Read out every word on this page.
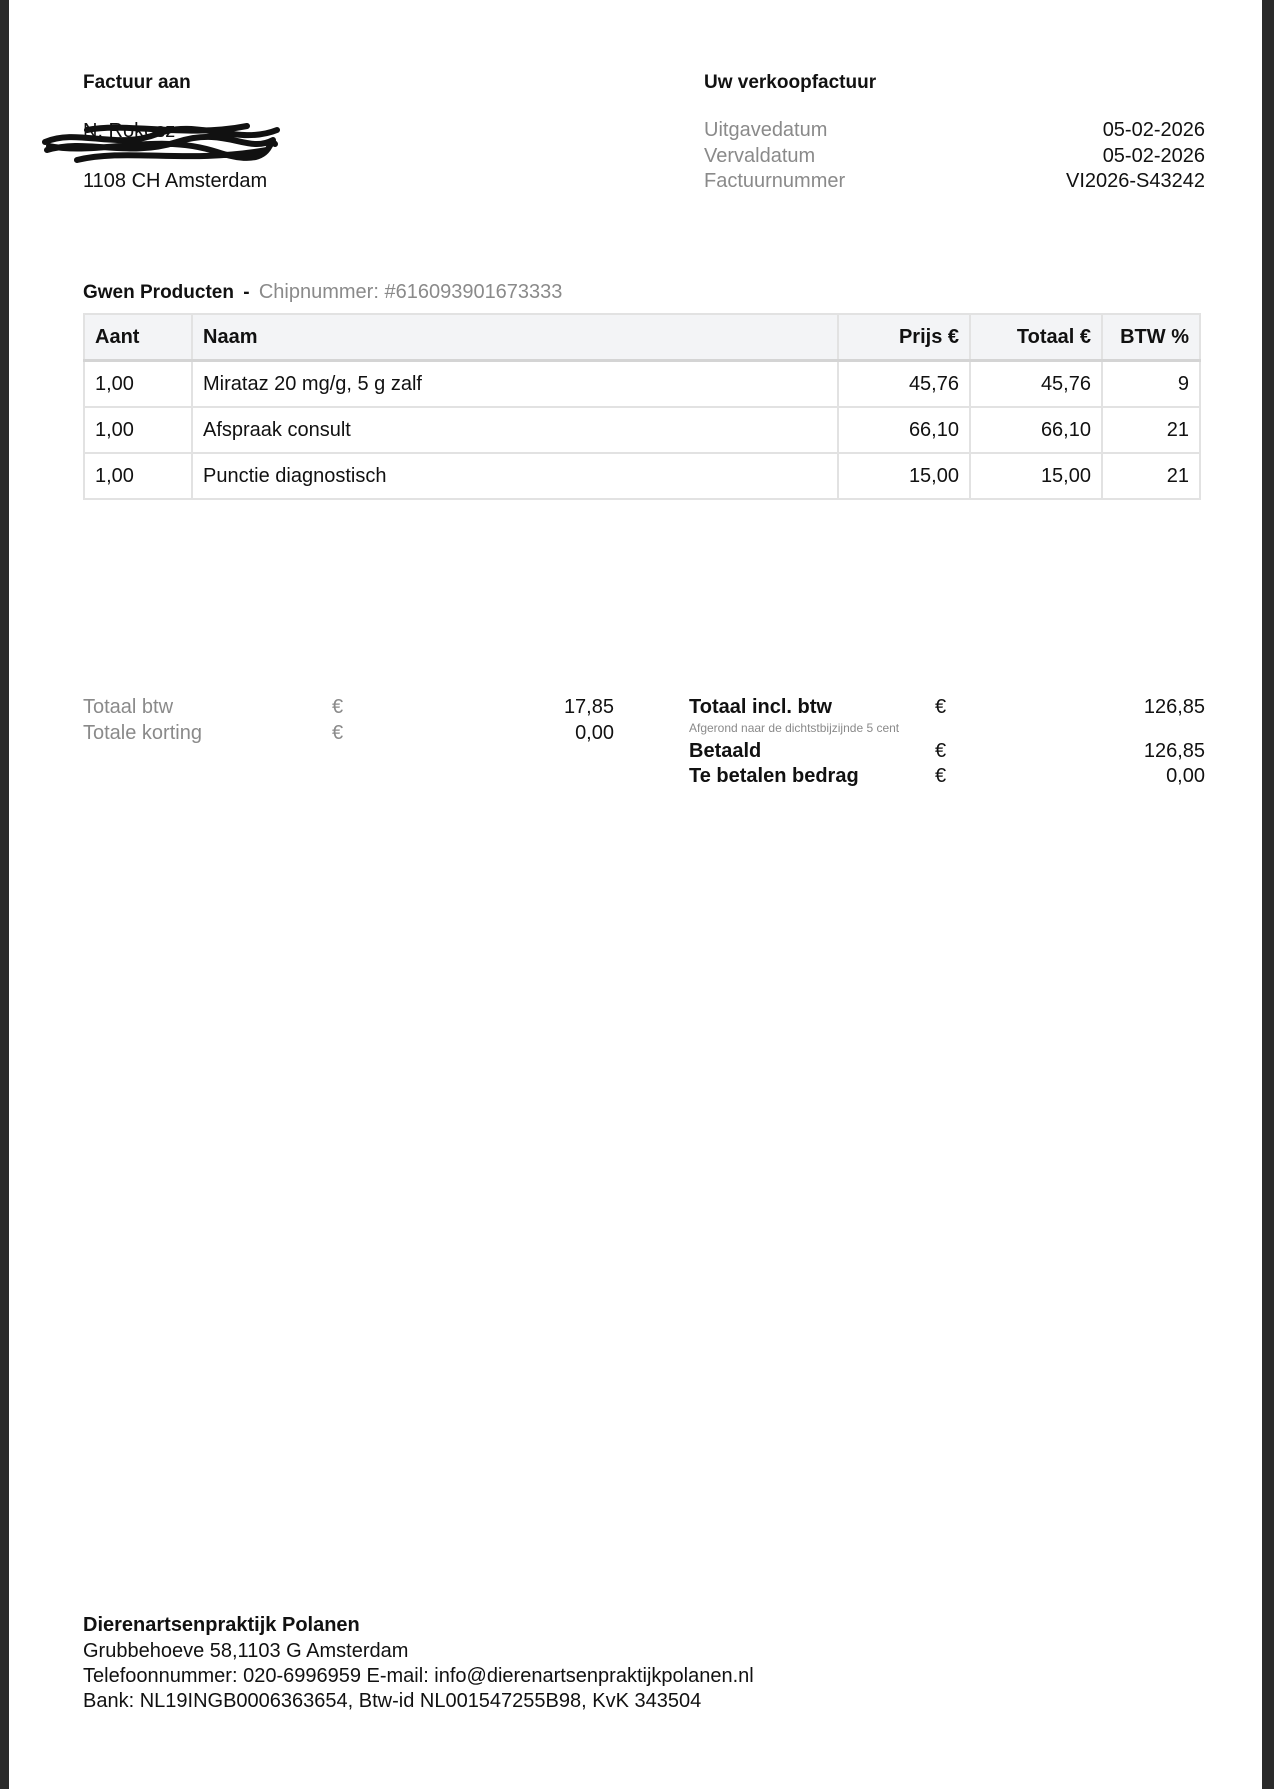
Factuur aan
N. Rokosz
1108 CH Amsterdam
Uw verkoopfactuur
Uitgavedatum	05-02-2026
Vervaldatum	05-02-2026
Factuurnummer	VI2026-S43242
Gwen Producten - Chipnummer: #616093901673333
Aant	Naam	Prijs €	Totaal €	BTW %
1,00	Mirataz 20 mg/g, 5 g zalf	45,76	45,76	9
1,00	Afspraak consult	66,10	66,10	21
1,00	Punctie diagnostisch	15,00	15,00	21
Totaal btw	€	17,85
Totale korting	€	0,00
Totaal incl. btw	€	126,85
Afgerond naar de dichtstbijzijnde 5 cent
Betaald	€	126,85
Te betalen bedrag	€	0,00
Dierenartsenpraktijk Polanen
Grubbehoeve 58,1103 G Amsterdam
Telefoonnummer: 020-6996959 E-mail: info@dierenartsenpraktijkpolanen.nl
Bank: NL19INGB0006363654, Btw-id NL001547255B98, KvK 343504
